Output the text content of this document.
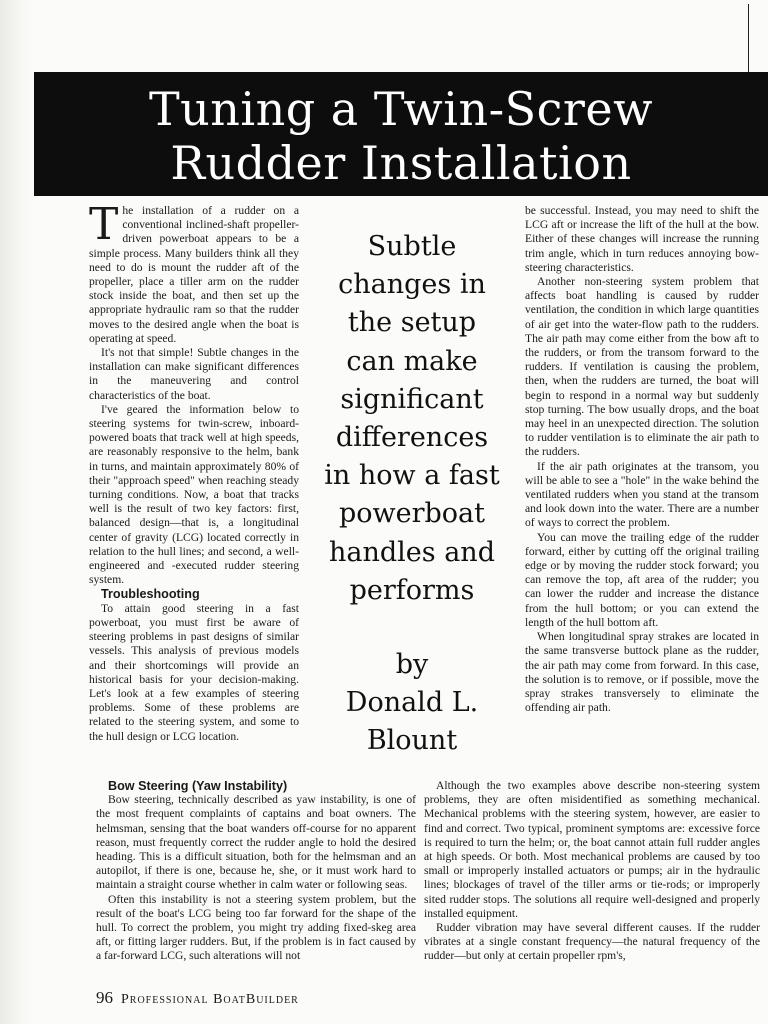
Tuning a Twin-Screw
Rudder Installation

The installation of a rudder on a conventional inclined-shaft propeller-driven powerboat appears to be a simple process. Many builders think all they need to do is mount the rudder aft of the propeller, place a tiller arm on the rudder stock inside the boat, and then set up the appropriate hydraulic ram so that the rudder moves to the desired angle when the boat is operating at speed.

It's not that simple! Subtle changes in the installation can make significant differences in the maneuvering and control characteristics of the boat.

I've geared the information below to steering systems for twin-screw, inboard-powered boats that track well at high speeds, are reasonably responsive to the helm, bank in turns, and maintain approximately 80% of their "approach speed" when reaching steady turning conditions. Now, a boat that tracks well is the result of two key factors: first, balanced design—that is, a longitudinal center of gravity (LCG) located correctly in relation to the hull lines; and second, a well-engineered and -executed rudder steering system.

Troubleshooting

To attain good steering in a fast powerboat, you must first be aware of steering problems in past designs of similar vessels. This analysis of previous models and their shortcomings will provide an historical basis for your decision-making. Let's look at a few examples of steering problems. Some of these problems are related to the steering system, and some to the hull design or LCG location.

Subtle
changes in
the setup
can make
significant
differences
in how a fast
powerboat
handles and
performs
by
Donald L.
Blount

be successful. Instead, you may need to shift the LCG aft or increase the lift of the hull at the bow. Either of these changes will increase the running trim angle, which in turn reduces annoying bow-steering characteristics.

Another non-steering system problem that affects boat handling is caused by rudder ventilation, the condition in which large quantities of air get into the water-flow path to the rudders. The air path may come either from the bow aft to the rudders, or from the transom forward to the rudders. If ventilation is causing the problem, then, when the rudders are turned, the boat will begin to respond in a normal way but suddenly stop turning. The bow usually drops, and the boat may heel in an unexpected direction. The solution to rudder ventilation is to eliminate the air path to the rudders.

If the air path originates at the transom, you will be able to see a "hole" in the wake behind the ventilated rudders when you stand at the transom and look down into the water. There are a number of ways to correct the problem.

You can move the trailing edge of the rudder forward, either by cutting off the original trailing edge or by moving the rudder stock forward; you can remove the top, aft area of the rudder; you can lower the rudder and increase the distance from the hull bottom; or you can extend the length of the hull bottom aft.

When longitudinal spray strakes are located in the same transverse buttock plane as the rudder, the air path may come from forward. In this case, the solution is to remove, or if possible, move the spray strakes transversely to eliminate the offending air path.

Bow Steering (Yaw Instability)

Bow steering, technically described as yaw instability, is one of the most frequent complaints of captains and boat owners. The helmsman, sensing that the boat wanders off-course for no apparent reason, must frequently correct the rudder angle to hold the desired heading. This is a difficult situation, both for the helmsman and an autopilot, if there is one, because he, she, or it must work hard to maintain a straight course whether in calm water or following seas.

Often this instability is not a steering system problem, but the result of the boat's LCG being too far forward for the shape of the hull. To correct the problem, you might try adding fixed-skeg area aft, or fitting larger rudders. But, if the problem is in fact caused by a far-forward LCG, such alterations will not

Although the two examples above describe non-steering system problems, they are often misidentified as something mechanical. Mechanical problems with the steering system, however, are easier to find and correct. Two typical, prominent symptoms are: excessive force is required to turn the helm; or, the boat cannot attain full rudder angles at high speeds. Or both. Most mechanical problems are caused by too small or improperly installed actuators or pumps; air in the hydraulic lines; blockages of travel of the tiller arms or tie-rods; or improperly sited rudder stops. The solutions all require well-designed and properly installed equipment.

Rudder vibration may have several different causes. If the rudder vibrates at a single constant frequency—the natural frequency of the rudder—but only at certain propeller rpm's,

96 Professional BoatBuilder
